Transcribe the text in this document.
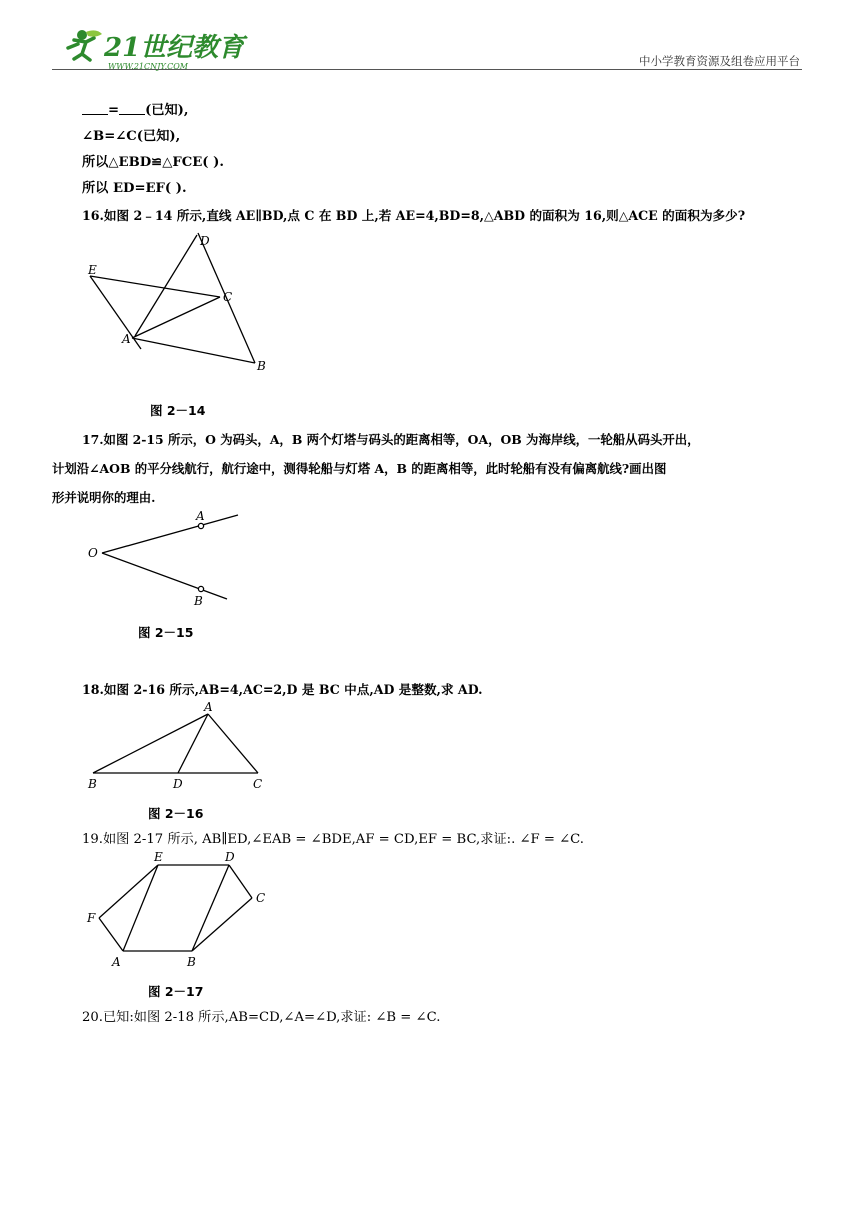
21世纪教育
WWW.21CNJY.COM	中小学教育资源及组卷应用平台
= (已知),
∠B=∠C(已知),
所以△EBD≌△FCE( ).
所以 ED=EF( ).
16.如图 2﹣14 所示,直线 AE∥BD,点 C 在 BD 上,若 AE=4,BD=8,△ABD 的面积为 16,则△ACE 的面积为多少?
D
E
C
A
B
图 2－14
17.如图 2-15 所示，O 为码头，A，B 两个灯塔与码头的距离相等，OA，OB 为海岸线，一轮船从码头开出，
计划沿∠AOB 的平分线航行，航行途中，测得轮船与灯塔 A，B 的距离相等，此时轮船有没有偏离航线?画出图
形并说明你的理由.
A
O
B
图 2－15
18.如图 2-16 所示,AB=4,AC=2,D 是 BC 中点,AD 是整数,求 AD.
A
B	D	C
图 2－16
19.如图 2-17 所示, AB∥ED,∠EAB = ∠BDE,AF = CD,EF = BC,求证:. ∠F = ∠C.
E	D
F
C
A	B
图 2－17
20.已知:如图 2-18 所示,AB=CD,∠A=∠D,求证: ∠B = ∠C.
